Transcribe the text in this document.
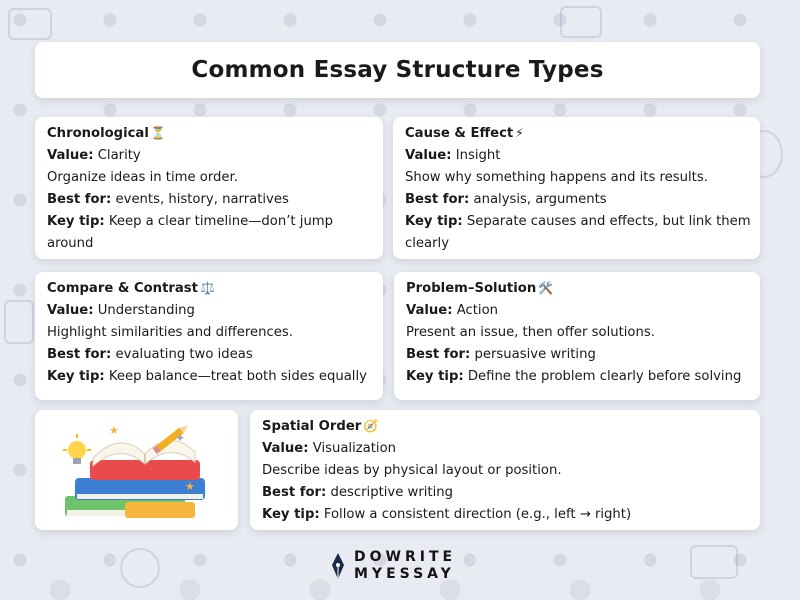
Common Essay Structure Types
Chronological ⏳
Value: Clarity
Organize ideas in time order.
Best for: events, history, narratives
Key tip: Keep a clear timeline—don’t jump around
Cause & Effect ⚡
Value: Insight
Show why something happens and its results.
Best for: analysis, arguments
Key tip: Separate causes and effects, but link them clearly
Compare & Contrast ⚖️
Value: Understanding
Highlight similarities and differences.
Best for: evaluating two ideas
Key tip: Keep balance—treat both sides equally
Problem–Solution 🛠️
Value: Action
Present an issue, then offer solutions.
Best for: persuasive writing
Key tip: Define the problem clearly before solving
✦
★
★
Spatial Order 🧭
Value: Visualization
Describe ideas by physical layout or position.
Best for: descriptive writing
Key tip: Follow a consistent direction (e.g., left → right)
DOWRITE
MYESSAY
